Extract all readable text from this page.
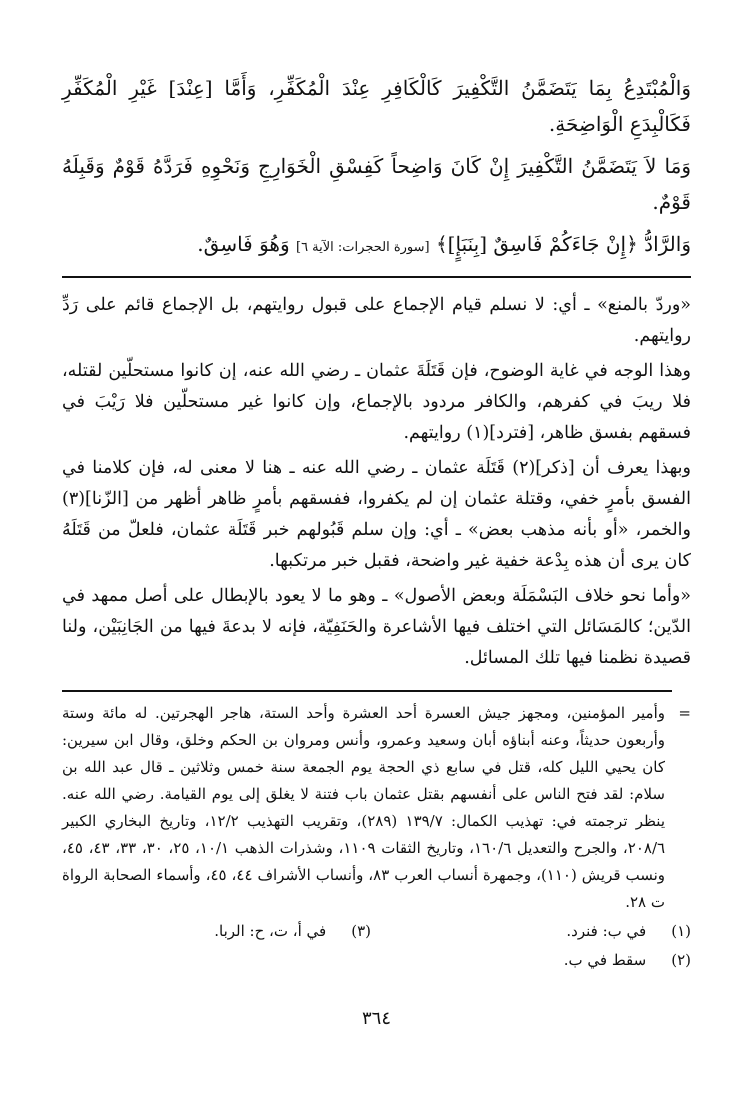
وَالْمُبْتَدِعُ بِمَا يَتَضَمَّنُ التَّكْفِيرَ كَالْكَافِرِ عِنْدَ الْمُكَفِّرِ، وَأَمَّا [عِنْدَ] غَيْرِ الْمُكَفِّرِ فَكَالْبِدَعِ الْوَاضِحَةِ.

وَمَا لاَ يَتَضَمَّنُ التَّكْفِيرَ إِنْ كَانَ وَاضِحاً كَفِسْقِ الْخَوَارِجِ وَنَحْوِهِ فَرَدَّهُ قَوْمٌ وَقَبِلَهُ قَوْمٌ.

وَالرَّادُّ ﴿إِنْ جَاءَكُمْ فَاسِقٌ [بِنَبَإٍ]﴾ [سورة الحجرات: الآية ٦] وَهُوَ فَاسِقٌ.

«وردّ بالمنع» ـ أي: لا نسلم قيام الإجماع على قبول روايتهم، بل الإجماع قائم على رَدِّ روايتهم.

وهذا الوجه في غاية الوضوح، فإن قَتَلَةَ عثمان ـ رضي الله عنه، إن كانوا مستحلّين لقتله، فلا ريبَ في كفرهم، والكافر مردود بالإجماع، وإن كانوا غير مستحلّين فلا رَيْبَ في فسقهم بفسق ظاهر، [فترد](١) روايتهم.

وبهذا يعرف أن [ذكر](٢) قَتَلَة عثمان ـ رضي الله عنه ـ هنا لا معنى له، فإن كلامنا في الفسق بأمرٍ خفي، وقتلة عثمان إن لم يكفروا، ففسقهم بأمرٍ ظاهر أظهر من [الزّنا](٣) والخمر، «أو بأنه مذهب بعض» ـ أي: وإن سلم قَبُولهم خبر قَتَلَة عثمان، فلعلّ من قَتَلَهُ كان يرى أن هذه بِدْعة خفية غير واضحة، فقبل خبر مرتكبها.

«وأما نحو خلاف البَسْمَلَة وبعض الأصول» ـ وهو ما لا يعود بالإبطال على أصل ممهد في الدّين؛ كالمَسَائل التي اختلف فيها الأشاعرة والحَنَفِيّة، فإنه لا بدعةَ فيها من الجَانِبَيْن، ولنا قصيدة نظمنا فيها تلك المسائل.

=
وأمير المؤمنين، ومجهز جيش العسرة أحد العشرة وأحد الستة، هاجر الهجرتين. له مائة وستة وأربعون حديثاً، وعنه أبناؤه أبان وسعيد وعمرو، وأنس ومروان بن الحكم وخلق، وقال ابن سيرين: كان يحيي الليل كله، قتل في سابع ذي الحجة يوم الجمعة سنة خمس وثلاثين ـ قال عبد الله بن سلام: لقد فتح الناس على أنفسهم بقتل عثمان باب فتنة لا يغلق إلى يوم القيامة. رضي الله عنه. ينظر ترجمته في: تهذيب الكمال: ١٣٩/٧ (٢٨٩)، وتقريب التهذيب ١٢/٢، وتاريخ البخاري الكبير ٢٠٨/٦، والجرح والتعديل ١٦٠/٦، وتاريخ الثقات ١١٠٩، وشذرات الذهب ١٠/١، ٢٥، ٣٠، ٣٣، ٤٣، ٤٥، ونسب قريش (١١٠)، وجمهرة أنساب العرب ٨٣، وأنساب الأشراف ٤٤، ٤٥، وأسماء الصحابة الرواة ت ٢٨.

(١) في ب: فنرد.
(٣) في أ، ت، ح: الربا.
(٢) سقط في ب.
٣٦٤
